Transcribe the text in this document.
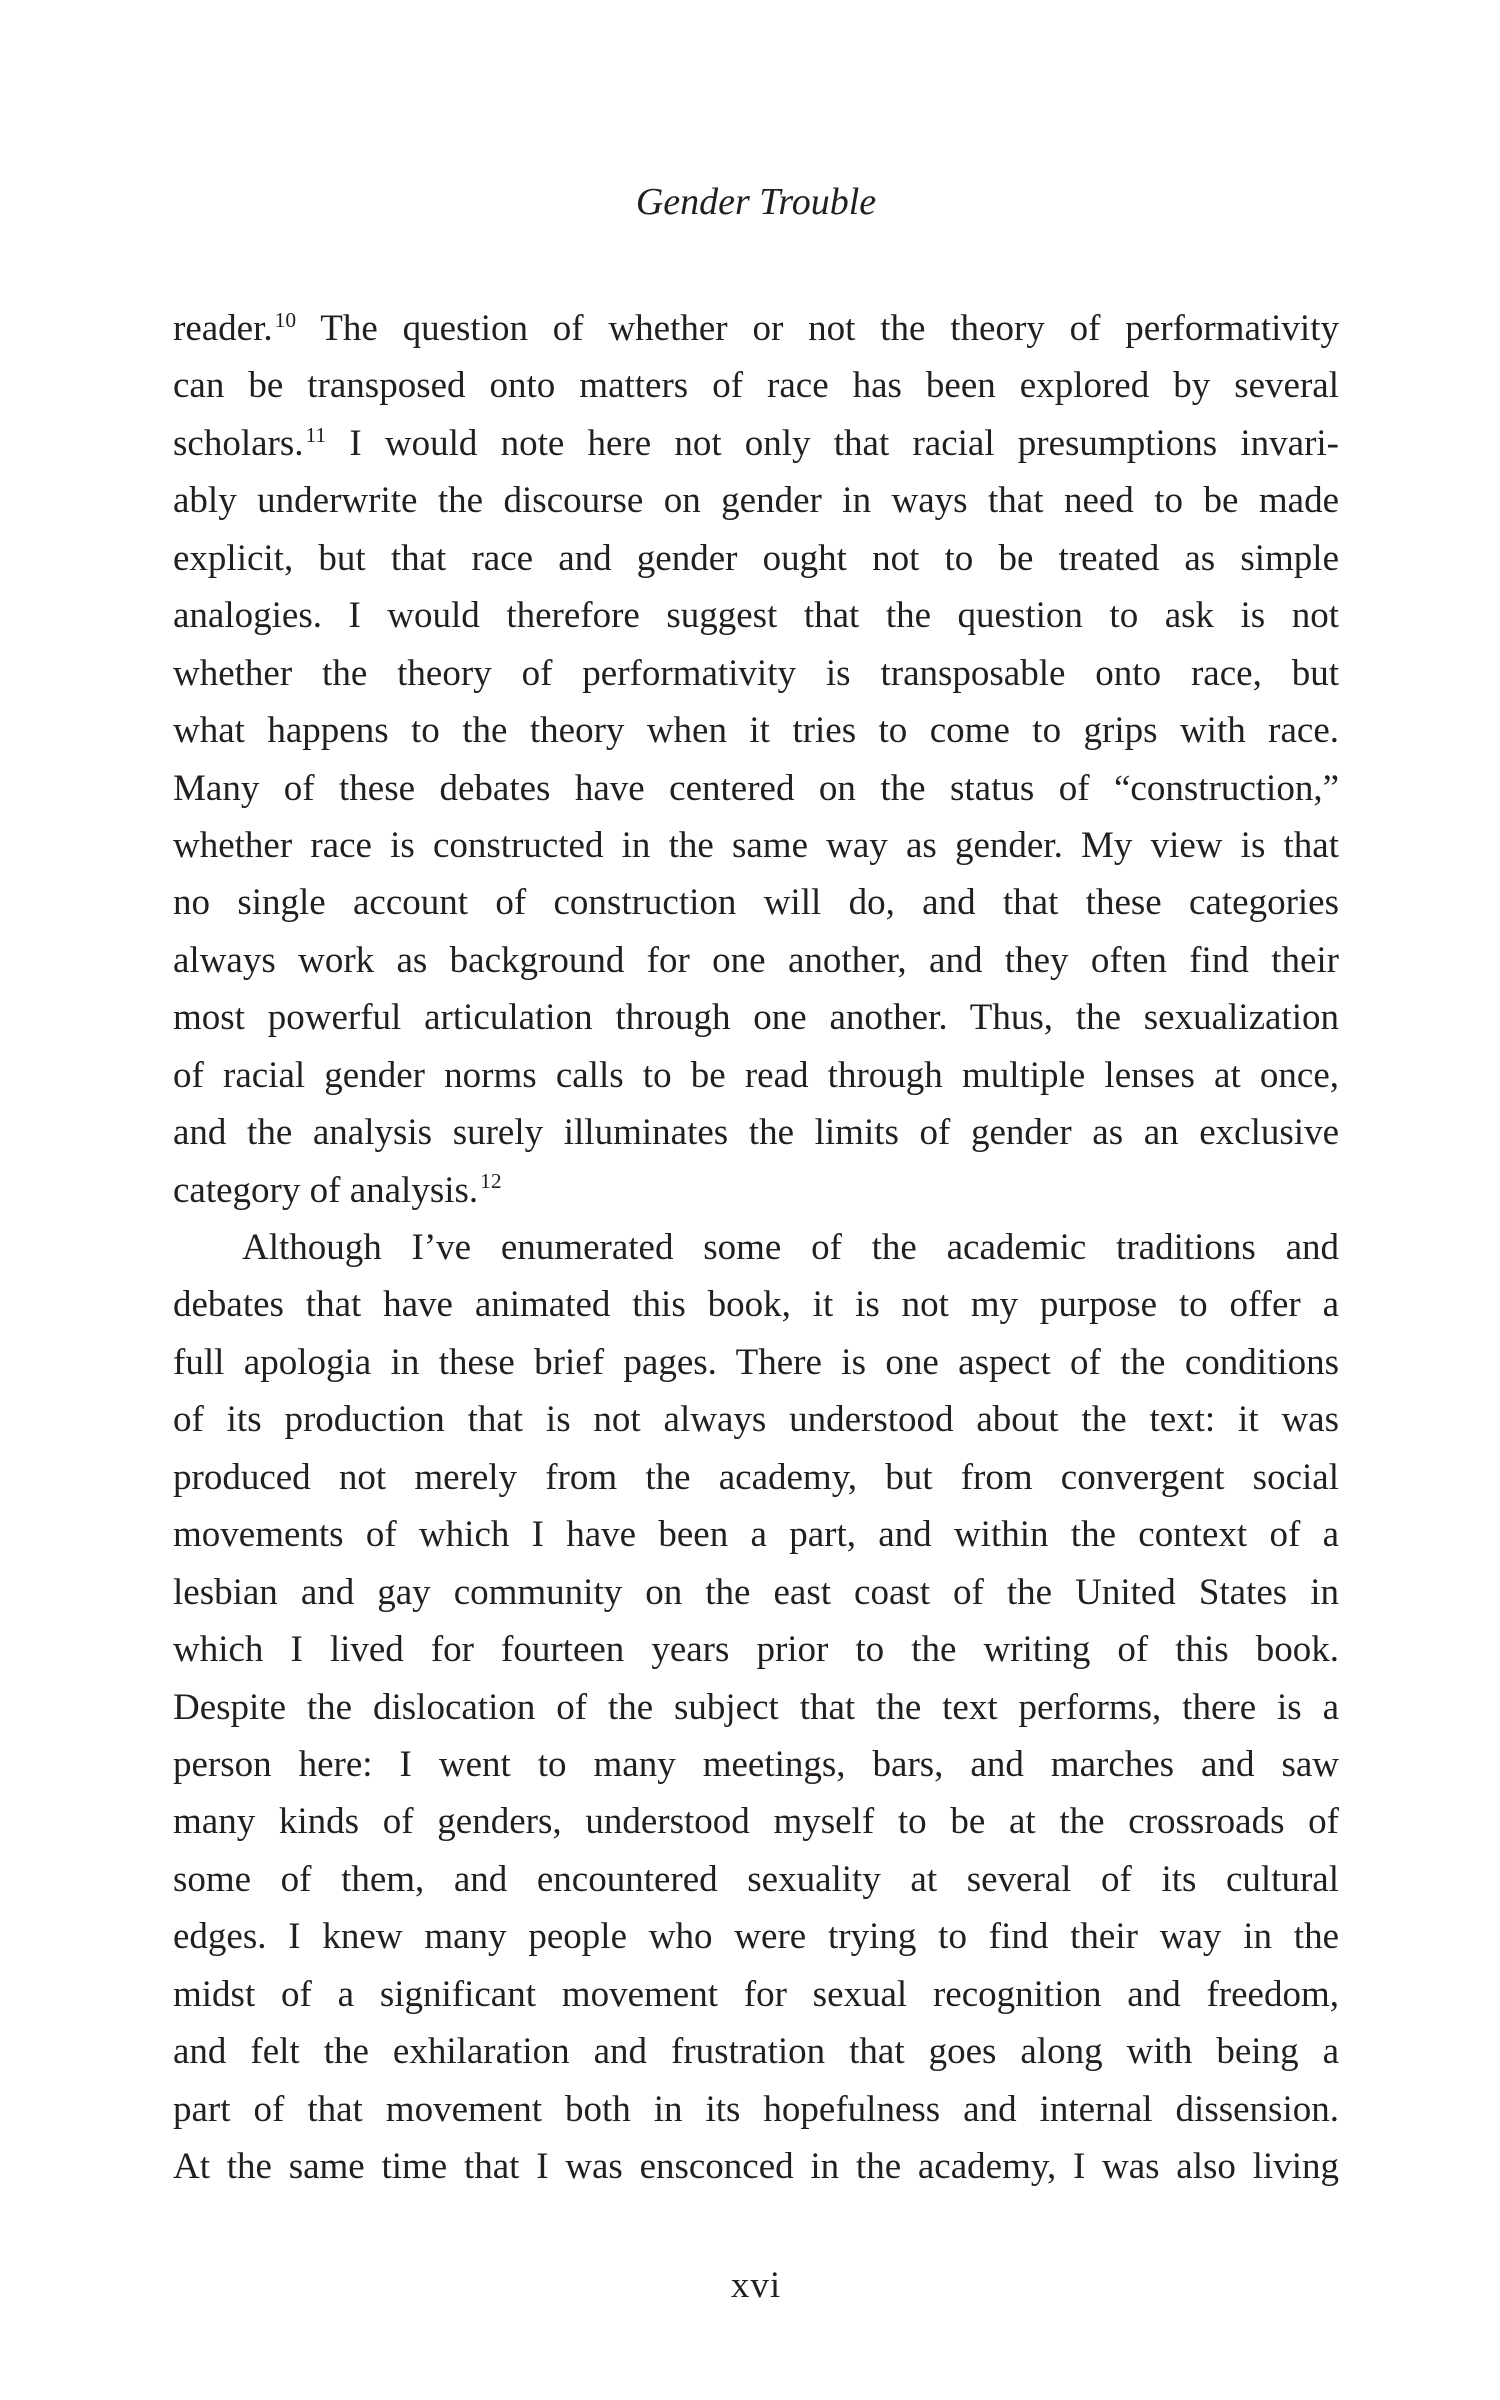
Gender Trouble
reader.$^{10}$ The question of whether or not the theory of performativity
can be transposed onto matters of race has been explored by several
scholars.$^{11}$ I would note here not only that racial presumptions invari-
ably underwrite the discourse on gender in ways that need to be made
explicit, but that race and gender ought not to be treated as simple
analogies. I would therefore suggest that the question to ask is not
whether the theory of performativity is transposable onto race, but
what happens to the theory when it tries to come to grips with race.
Many of these debates have centered on the status of “construction,”
whether race is constructed in the same way as gender. My view is that
no single account of construction will do, and that these categories
always work as background for one another, and they often find their
most powerful articulation through one another. Thus, the sexualization
of racial gender norms calls to be read through multiple lenses at once,
and the analysis surely illuminates the limits of gender as an exclusive
category of analysis.$^{12}$
Although I’ve enumerated some of the academic traditions and
debates that have animated this book, it is not my purpose to offer a
full apologia in these brief pages. There is one aspect of the conditions
of its production that is not always understood about the text: it was
produced not merely from the academy, but from convergent social
movements of which I have been a part, and within the context of a
lesbian and gay community on the east coast of the United States in
which I lived for fourteen years prior to the writing of this book.
Despite the dislocation of the subject that the text performs, there is a
person here: I went to many meetings, bars, and marches and saw
many kinds of genders, understood myself to be at the crossroads of
some of them, and encountered sexuality at several of its cultural
edges. I knew many people who were trying to find their way in the
midst of a significant movement for sexual recognition and freedom,
and felt the exhilaration and frustration that goes along with being a
part of that movement both in its hopefulness and internal dissension.
At the same time that I was ensconced in the academy, I was also living
xvi
